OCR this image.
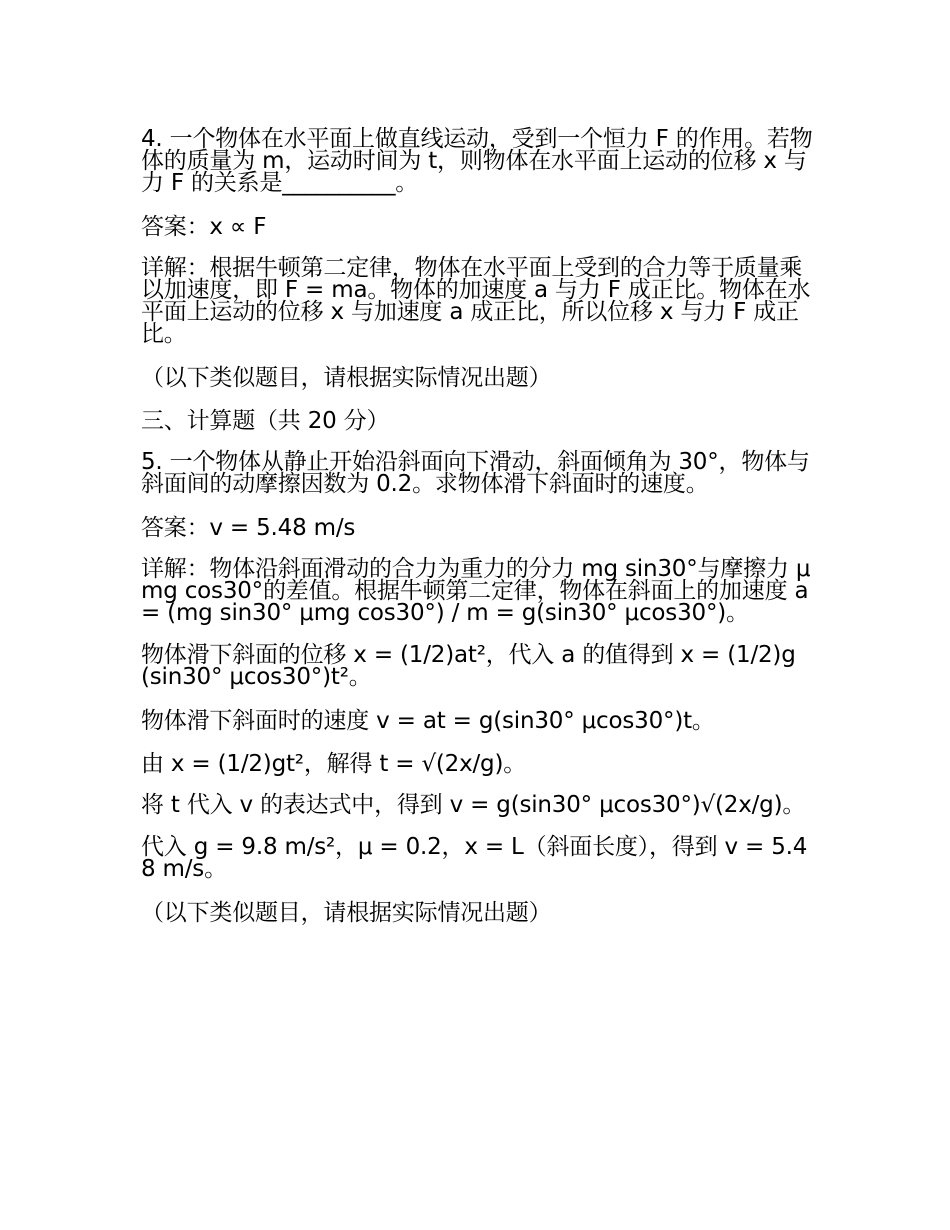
4. 一个物体在水平面上做直线运动，受到一个恒力 F 的作用。若物体的质量为 m，运动时间为 t，则物体在水平面上运动的位移 x 与力 F 的关系是__________。

答案：x ∝ F

详解：根据牛顿第二定律，物体在水平面上受到的合力等于质量乘以加速度，即 F = ma。物体的加速度 a 与力 F 成正比。物体在水平面上运动的位移 x 与加速度 a 成正比，所以位移 x 与力 F 成正比。

（以下类似题目，请根据实际情况出题）

三、计算题（共 20 分）

5. 一个物体从静止开始沿斜面向下滑动，斜面倾角为 30°，物体与斜面间的动摩擦因数为 0.2。求物体滑下斜面时的速度。

答案：v = 5.48 m/s

详解：物体沿斜面滑动的合力为重力的分力 mg sin30°与摩擦力 μmg cos30°的差值。根据牛顿第二定律，物体在斜面上的加速度 a = (mg sin30° μmg cos30°) / m = g(sin30° μcos30°)。

物体滑下斜面的位移 x = (1/2)at²，代入 a 的值得到 x = (1/2)g(sin30° μcos30°)t²。

物体滑下斜面时的速度 v = at = g(sin30° μcos30°)t。

由 x = (1/2)gt²，解得 t = √(2x/g)。

将 t 代入 v 的表达式中，得到 v = g(sin30° μcos30°)√(2x/g)。

代入 g = 9.8 m/s²，μ = 0.2，x = L（斜面长度），得到 v = 5.48 m/s。

（以下类似题目，请根据实际情况出题）
